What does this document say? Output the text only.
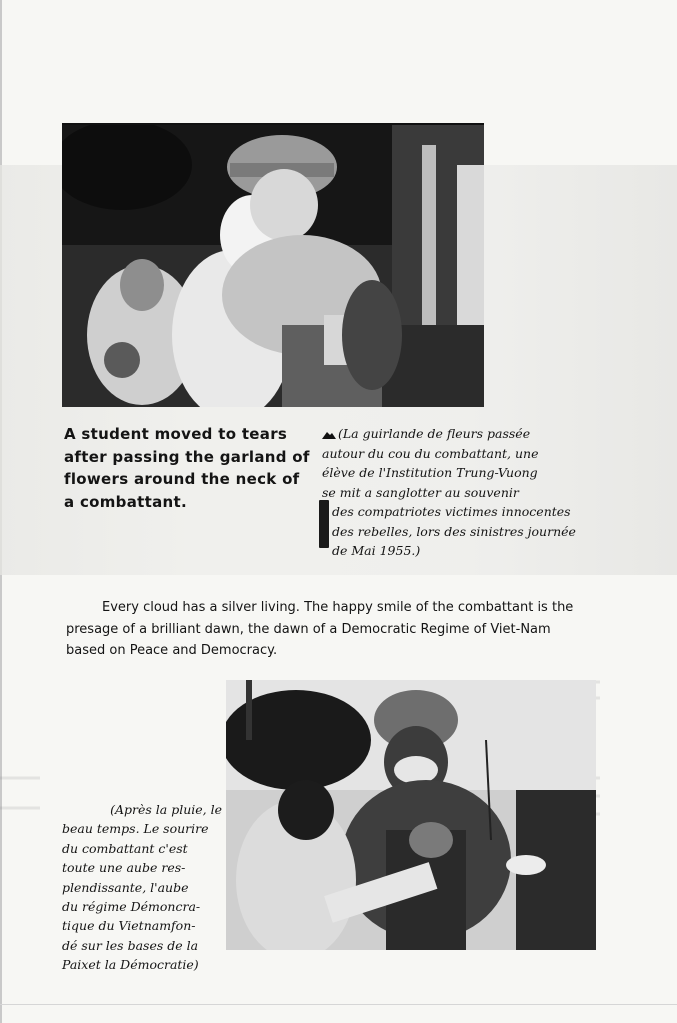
A student moved to tears
after passing the garland of
flowers around the neck of
a combattant.
(La guirlande de fleurs passée
autour du cou du combattant, une
élève de l'Institution Trung-Vuong
se mit a sanglotter au souvenir
des compatriotes victimes innocentes
des rebelles, lors des sinistres journée
de Mai 1955.)
Every cloud has a silver living. The happy smile of the combattant is the
presage of a brilliant dawn, the dawn of a Democratic Regime of Viet-Nam
based on Peace and Democracy.
(Après la pluie, le
beau temps. Le sourire
du combattant c'est
toute une aube res-
plendissante, l'aube
du régime Démoncra-
tique du Vietnamfon-
dé sur les bases de la
Paixet la Démocratie)
